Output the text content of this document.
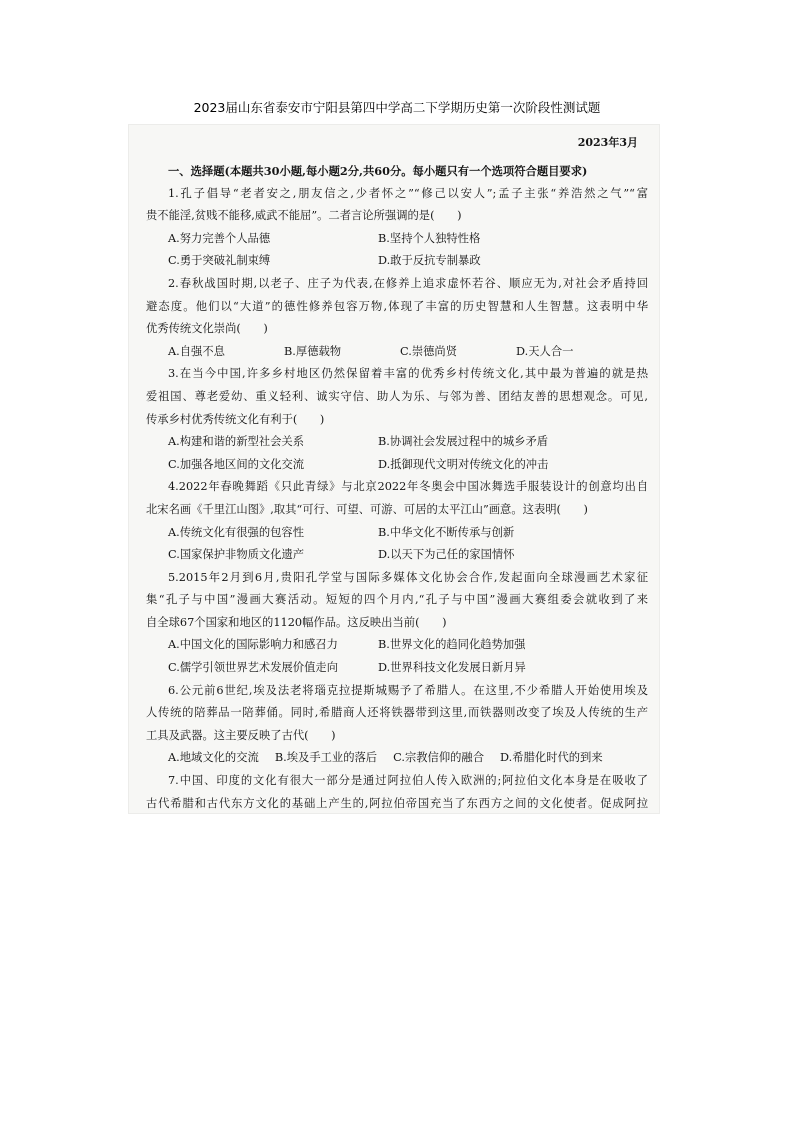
2023届山东省泰安市宁阳县第四中学高二下学期历史第一次阶段性测试题
2023年3月
一、选择题(本题共30小题,每小题2分,共60分。每小题只有一个选项符合题目要求)
1.孔子倡导“老者安之,朋友信之,少者怀之”“修己以安人”;孟子主张“养浩然之气”“富
贵不能淫,贫贱不能移,威武不能屈”。二者言论所强调的是(　　)
A.努力完善个人品德	B.坚持个人独特性格
C.勇于突破礼制束缚	D.敢于反抗专制暴政
2.春秋战国时期,以老子、庄子为代表,在修养上追求虚怀若谷、顺应无为,对社会矛盾持回
避态度。他们以“大道”的德性修养包容万物,体现了丰富的历史智慧和人生智慧。这表明中华
优秀传统文化崇尚(　　)
A.自强不息	B.厚德载物	C.崇德尚贤	D.天人合一
3.在当今中国,许多乡村地区仍然保留着丰富的优秀乡村传统文化,其中最为普遍的就是热
爱祖国、尊老爱幼、重义轻利、诚实守信、助人为乐、与邻为善、团结友善的思想观念。可见,
传承乡村优秀传统文化有利于(　　)
A.构建和谐的新型社会关系	B.协调社会发展过程中的城乡矛盾
C.加强各地区间的文化交流	D.抵御现代文明对传统文化的冲击
4.2022年春晚舞蹈《只此青绿》与北京2022年冬奥会中国冰舞选手服装设计的创意均出自
北宋名画《千里江山图》,取其“可行、可望、可游、可居的太平江山”画意。这表明(　　)
A.传统文化有很强的包容性	B.中华文化不断传承与创新
C.国家保护非物质文化遗产	D.以天下为己任的家国情怀
5.2015年2月到6月,贵阳孔学堂与国际多媒体文化协会合作,发起面向全球漫画艺术家征
集“孔子与中国”漫画大赛活动。短短的四个月内,“孔子与中国”漫画大赛组委会就收到了来
自全球67个国家和地区的1120幅作品。这反映出当前(　　)
A.中国文化的国际影响力和感召力	B.世界文化的趋同化趋势加强
C.儒学引领世界艺术发展价值走向	D.世界科技文化发展日新月异
6.公元前6世纪,埃及法老将瑙克拉提斯城赐予了希腊人。在这里,不少希腊人开始使用埃及
人传统的陪葬品一陪葬俑。同时,希腊商人还将铁器带到这里,而铁器则改变了埃及人传统的生产
工具及武器。这主要反映了古代(　　)
A.地域文化的交流 B.埃及手工业的落后 C.宗教信仰的融合 D.希腊化时代的到来
7.中国、印度的文化有很大一部分是通过阿拉伯人传入欧洲的;阿拉伯文化本身是在吸收了
古代希腊和古代东方文化的基础上产生的,阿拉伯帝国充当了东西方之间的文化使者。促成阿拉
